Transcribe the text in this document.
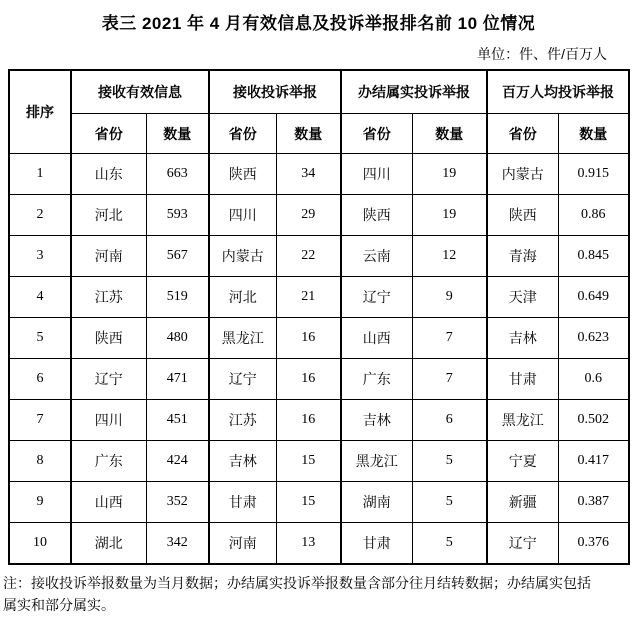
表三 2021 年 4 月有效信息及投诉举报排名前 10 位情况
单位：件、件/百万人
排序	接收有效信息		接收投诉举报		办结属实投诉举报		百万人均投诉举报	
	省份	数量	省份	数量	省份	数量	省份	数量
1	山东	663	陕西	34	四川	19	内蒙古	0.915
2	河北	593	四川	29	陕西	19	陕西	0.86
3	河南	567	内蒙古	22	云南	12	青海	0.845
4	江苏	519	河北	21	辽宁	9	天津	0.649
5	陕西	480	黑龙江	16	山西	7	吉林	0.623
6	辽宁	471	辽宁	16	广东	7	甘肃	0.6
7	四川	451	江苏	16	吉林	6	黑龙江	0.502
8	广东	424	吉林	15	黑龙江	5	宁夏	0.417
9	山西	352	甘肃	15	湖南	5	新疆	0.387
10	湖北	342	河南	13	甘肃	5	辽宁	0.376
注：接收投诉举报数量为当月数据；办结属实投诉举报数量含部分往月结转数据；办结属实包括
属实和部分属实。
